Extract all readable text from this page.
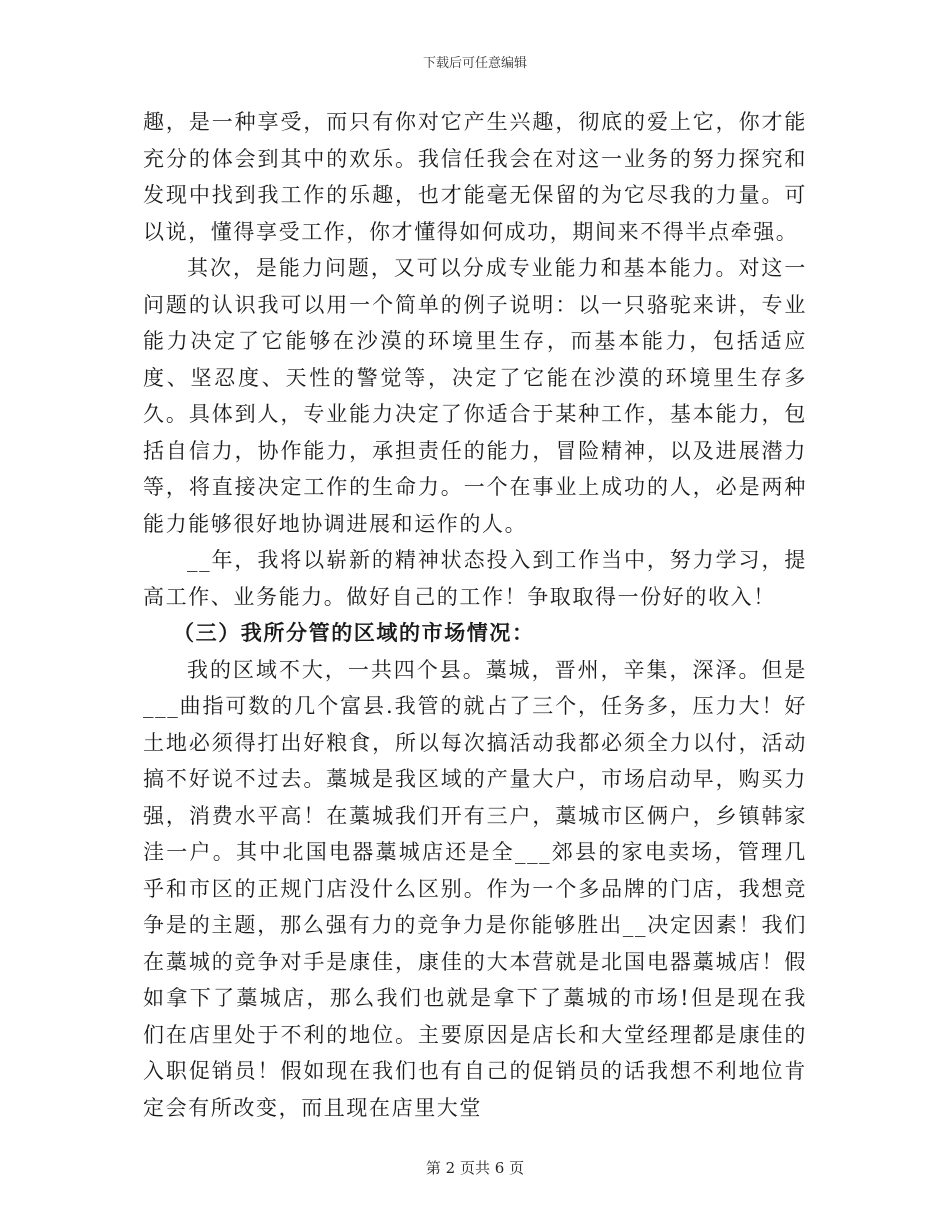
下载后可任意编辑

趣，是一种享受，而只有你对它产生兴趣，彻底的爱上它，你才能充分的体会到其中的欢乐。我信任我会在对这一业务的努力探究和发现中找到我工作的乐趣，也才能毫无保留的为它尽我的力量。可以说，懂得享受工作，你才懂得如何成功，期间来不得半点牵强。

其次，是能力问题，又可以分成专业能力和基本能力。对这一问题的认识我可以用一个简单的例子说明：以一只骆驼来讲，专业能力决定了它能够在沙漠的环境里生存，而基本能力，包括适应度、坚忍度、天性的警觉等，决定了它能在沙漠的环境里生存多久。具体到人，专业能力决定了你适合于某种工作，基本能力，包括自信力，协作能力，承担责任的能力，冒险精神，以及进展潜力等，将直接决定工作的生命力。一个在事业上成功的人，必是两种能力能够很好地协调进展和运作的人。

__年，我将以崭新的精神状态投入到工作当中，努力学习，提高工作、业务能力。做好自己的工作！争取取得一份好的收入！

（三）我所分管的区域的市场情况：

我的区域不大，一共四个县。藁城，晋州，辛集，深泽。但是___曲指可数的几个富县.我管的就占了三个，任务多，压力大！好土地必须得打出好粮食，所以每次搞活动我都必须全力以付，活动搞不好说不过去。藁城是我区域的产量大户，市场启动早，购买力强，消费水平高！在藁城我们开有三户，藁城市区俩户，乡镇韩家洼一户。其中北国电器藁城店还是全___郊县的家电卖场，管理几乎和市区的正规门店没什么区别。作为一个多品牌的门店，我想竞争是的主题，那么强有力的竞争力是你能够胜出__决定因素！我们在藁城的竞争对手是康佳，康佳的大本营就是北国电器藁城店！假如拿下了藁城店，那么我们也就是拿下了藁城的市场!但是现在我们在店里处于不利的地位。主要原因是店长和大堂经理都是康佳的入职促销员！假如现在我们也有自己的促销员的话我想不利地位肯定会有所改变，而且现在店里大堂

第 2 页共 6 页
